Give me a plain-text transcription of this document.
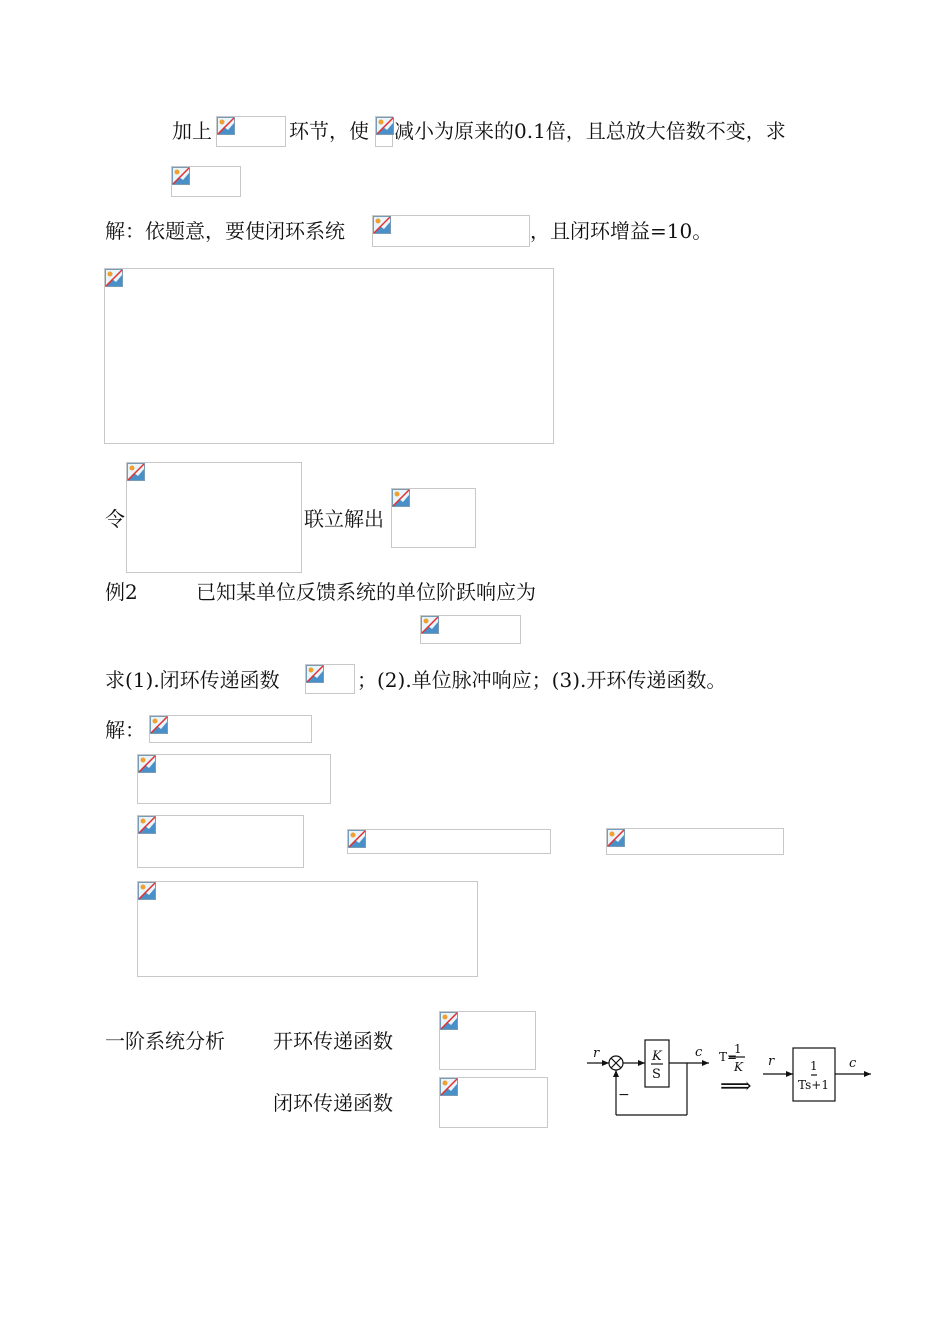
加上	环节，使 减小为原来的0.1倍，且总放大倍数不变，求
解：依题意，要使闭环系统	，且闭环增益=10。
令	联立解出
例2	已知某单位反馈系统的单位阶跃响应为
求(1).闭环传递函数	；(2).单位脉冲响应；(3).开环传递函数。
解：
一阶系统分析 开环传递函数
闭环传递函数
r	c
K
S
−
T=
1
K
⟹
r	c
1
Ts+1
